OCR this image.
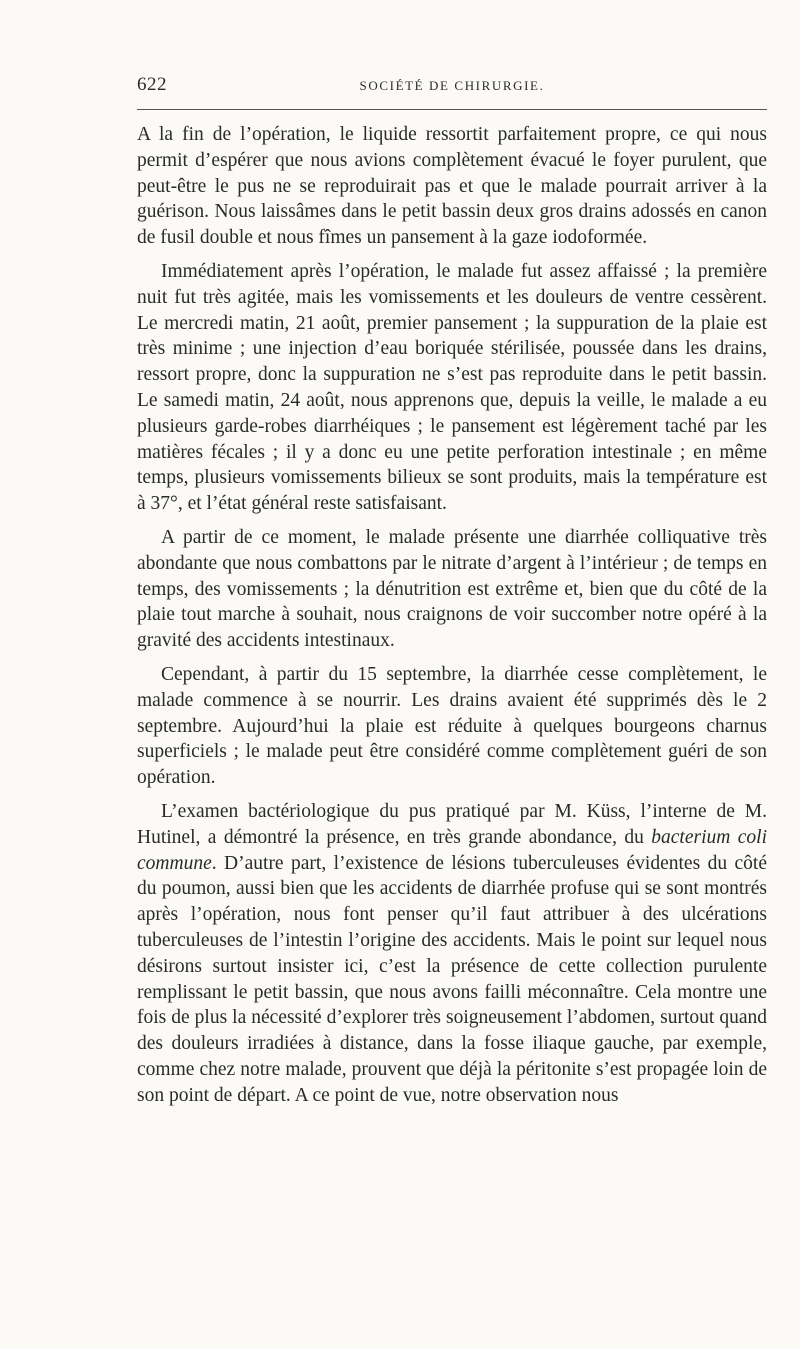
622	SOCIÉTÉ DE CHIRURGIE.

A la fin de l’opération, le liquide ressortit parfaitement propre, ce qui nous permit d’espérer que nous avions complètement évacué le foyer purulent, que peut-être le pus ne se reproduirait pas et que le malade pourrait arriver à la guérison. Nous laissâmes dans le petit bassin deux gros drains adossés en canon de fusil double et nous fîmes un pansement à la gaze iodoformée.

Immédiatement après l’opération, le malade fut assez affaissé ; la première nuit fut très agitée, mais les vomissements et les douleurs de ventre cessèrent. Le mercredi matin, 21 août, premier pansement ; la suppuration de la plaie est très minime ; une injection d’eau boriquée stérilisée, poussée dans les drains, ressort propre, donc la suppuration ne s’est pas reproduite dans le petit bassin. Le samedi matin, 24 août, nous apprenons que, depuis la veille, le malade a eu plusieurs garde-robes diarrhéiques ; le pansement est légèrement taché par les matières fécales ; il y a donc eu une petite perforation intestinale ; en même temps, plusieurs vomissements bilieux se sont produits, mais la température est à 37°, et l’état général reste satisfaisant.

A partir de ce moment, le malade présente une diarrhée colliquative très abondante que nous combattons par le nitrate d’argent à l’intérieur ; de temps en temps, des vomissements ; la dénutrition est extrême et, bien que du côté de la plaie tout marche à souhait, nous craignons de voir succomber notre opéré à la gravité des accidents intestinaux.

Cependant, à partir du 15 septembre, la diarrhée cesse complètement, le malade commence à se nourrir. Les drains avaient été supprimés dès le 2 septembre. Aujourd’hui la plaie est réduite à quelques bourgeons charnus superficiels ; le malade peut être considéré comme complètement guéri de son opération.

L’examen bactériologique du pus pratiqué par M. Küss, l’interne de M. Hutinel, a démontré la présence, en très grande abondance, du bacterium coli commune. D’autre part, l’existence de lésions tuberculeuses évidentes du côté du poumon, aussi bien que les accidents de diarrhée profuse qui se sont montrés après l’opération, nous font penser qu’il faut attribuer à des ulcérations tuberculeuses de l’intestin l’origine des accidents. Mais le point sur lequel nous désirons surtout insister ici, c’est la présence de cette collection purulente remplissant le petit bassin, que nous avons failli méconnaître. Cela montre une fois de plus la nécessité d’explorer très soigneusement l’abdomen, surtout quand des douleurs irradiées à distance, dans la fosse iliaque gauche, par exemple, comme chez notre malade, prouvent que déjà la péritonite s’est propagée loin de son point de départ. A ce point de vue, notre observation nous
